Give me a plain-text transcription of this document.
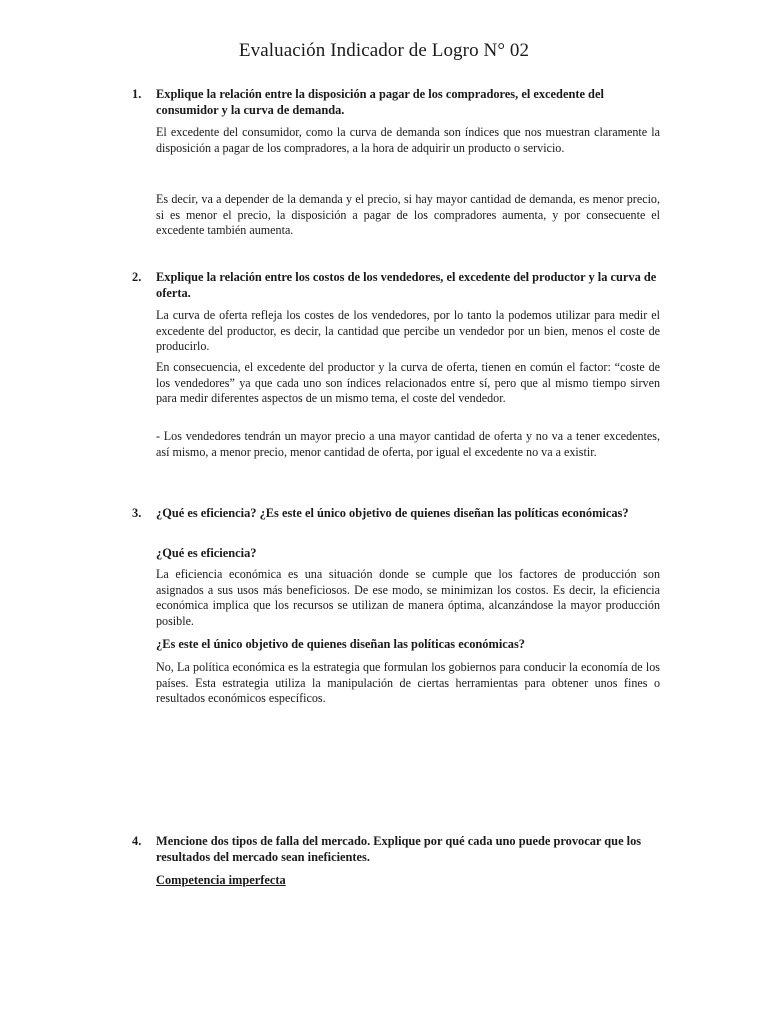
Evaluación Indicador de Logro N° 02
1.	Explique la relación entre la disposición a pagar de los compradores, el excedente del consumidor y la curva de demanda.
El excedente del consumidor, como la curva de demanda son índices que nos muestran claramente la disposición a pagar de los compradores, a la hora de adquirir un producto o servicio.
Es decir, va a depender de la demanda y el precio, si hay mayor cantidad de demanda, es menor precio, si es menor el precio, la disposición a pagar de los compradores aumenta, y por consecuente el excedente también aumenta.
2.	Explique la relación entre los costos de los vendedores, el excedente del productor y la curva de oferta.
La curva de oferta refleja los costes de los vendedores, por lo tanto la podemos utilizar para medir el excedente del productor, es decir, la cantidad que percibe un vendedor por un bien, menos el coste de producirlo.
En consecuencia, el excedente del productor y la curva de oferta, tienen en común el factor: “coste de los vendedores” ya que cada uno son índices relacionados entre sí, pero que al mismo tiempo sirven para medir diferentes aspectos de un mismo tema, el coste del vendedor.
- Los vendedores tendrán un mayor precio a una mayor cantidad de oferta y no va a tener excedentes, así mismo, a menor precio, menor cantidad de oferta, por igual el excedente no va a existir.
3.	¿Qué es eficiencia? ¿Es este el único objetivo de quienes diseñan las políticas económicas?
¿Qué es eficiencia?
La eficiencia económica es una situación donde se cumple que los factores de producción son asignados a sus usos más beneficiosos. De ese modo, se minimizan los costos. Es decir, la eficiencia económica implica que los recursos se utilizan de manera óptima, alcanzándose la mayor producción posible.
¿Es este el único objetivo de quienes diseñan las políticas económicas?
No, La política económica es la estrategia que formulan los gobiernos para conducir la economía de los países. Esta estrategia utiliza la manipulación de ciertas herramientas para obtener unos fines o resultados económicos específicos.
4.	Mencione dos tipos de falla del mercado. Explique por qué cada uno puede provocar que los resultados del mercado sean ineficientes.
Competencia imperfecta
